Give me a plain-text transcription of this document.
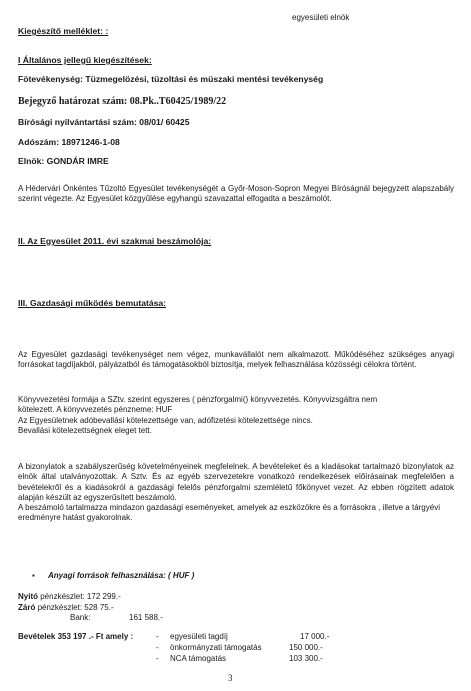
egyesületi elnök
Kiegészítő melléklet: :
I Általános jellegű kiegészítések:
Fötevékenység: Tüzmegelözési, tüzoltási és müszaki mentési tevékenység
Bejegyző határozat szám: 08.Pk..T60425/1989/22
Bírósági nyilvántartási szám: 08/01/ 60425
Adószám: 18971246-1-08
Elnök: GONDÁR IMRE
A Hédervári Önkéntes Tűzoltó Egyesület tevékenységét a Győr-Moson-Sopron Megyei Bíróságnál bejegyzett alapszabály szerint végezte. Az Egyesület közgyűlése egyhangú szavazattal elfogadta a beszámolót.
II. Az Egyesület 2011. évi szakmai beszámolója:
III. Gazdasági működés bemutatása:
Az Egyesület gazdasági tevékenységet nem végez, munkavállalót nem alkalmazott. Működéséhez szükséges anyagi forrásokat tagdíjakból, pályázatból és támogatásokból biztosítja, melyek felhasználása közösségi célokra történt.
Könyvvezetési formája a SZtv. szerint egyszeres ( pénzforgalmi() könyvvezetés. Könyvvizsgáltra nem
kötelezett. A könyvvezetés pénzneme: HUF
Az Egyesületnek adóbevallási kötelezettsége van, adófizetési kötelezettsége nincs.
Bevallási kötelezettségnek eleget tett.
A bizonylatok a szabályszerűség követelményeinek megfelelnek. A bevételeket és a kiadásokat tartalmazó bizonylatok az elnök által utalványozottak. A Sztv. És az egyéb szervezetekre vonatkozó rendelkezések előírásainak megfelelően a bevételekről és a kiadásokról a gazdasági felelős pénzforgalmi szemléletű főkönyvet vezet. Az ebben rögzített adatok alapján készült az egyszerűsített beszámoló.
A beszámoló tartalmazza mindazon gazdasági eseményeket, amelyek az eszközökre és a forrásokra , illetve a tárgyévi eredményre hatást gyakorolnak.
▪ Anyagi források felhasználása: ( HUF )
Nyitó pénzkészlet: 172 299.-
Záró pénzkészlet: 528 75.-
Bank:	161 588.-
Bevételek 353 197 .- Ft amely :	- egyesületi tagdíj	17 000.-
- önkormányzati támogatás	150 000.-
- NCA támogatás	103 300.-
3
